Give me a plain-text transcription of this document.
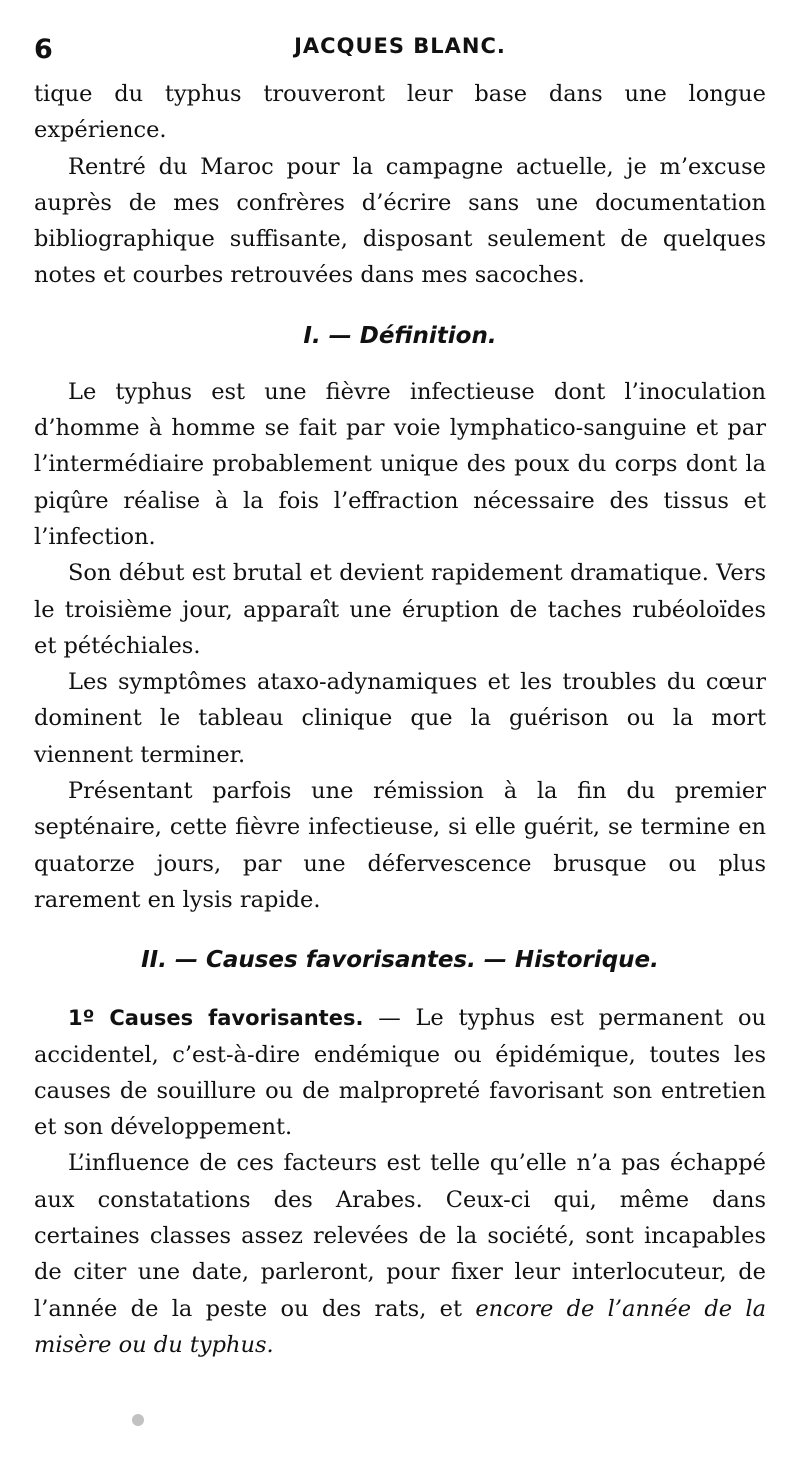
6	JACQUES BLANC.

tique du typhus trouveront leur base dans une longue expérience.

Rentré du Maroc pour la campagne actuelle, je m’excuse auprès de mes confrères d’écrire sans une documentation bibliographique suffisante, disposant seulement de quelques notes et courbes retrouvées dans mes sacoches.

I. — Définition.

Le typhus est une fièvre infectieuse dont l’inoculation d’homme à homme se fait par voie lymphatico-sanguine et par l’intermédiaire probablement unique des poux du corps dont la piqûre réalise à la fois l’effraction nécessaire des tissus et l’infection.

Son début est brutal et devient rapidement dramatique. Vers le troisième jour, apparaît une éruption de taches rubéoloïdes et pétéchiales.

Les symptômes ataxo-adynamiques et les troubles du cœur dominent le tableau clinique que la guérison ou la mort viennent terminer.

Présentant parfois une rémission à la fin du premier septénaire, cette fièvre infectieuse, si elle guérit, se termine en quatorze jours, par une défervescence brusque ou plus rarement en lysis rapide.

II. — Causes favorisantes. — Historique.

1º Causes favorisantes. — Le typhus est permanent ou accidentel, c’est-à-dire endémique ou épidémique, toutes les causes de souillure ou de malpropreté favorisant son entretien et son développement.

L’influence de ces facteurs est telle qu’elle n’a pas échappé aux constatations des Arabes. Ceux-ci qui, même dans certaines classes assez relevées de la société, sont incapables de citer une date, parleront, pour fixer leur interlocuteur, de l’année de la peste ou des rats, et encore de l’année de la misère ou du typhus.
